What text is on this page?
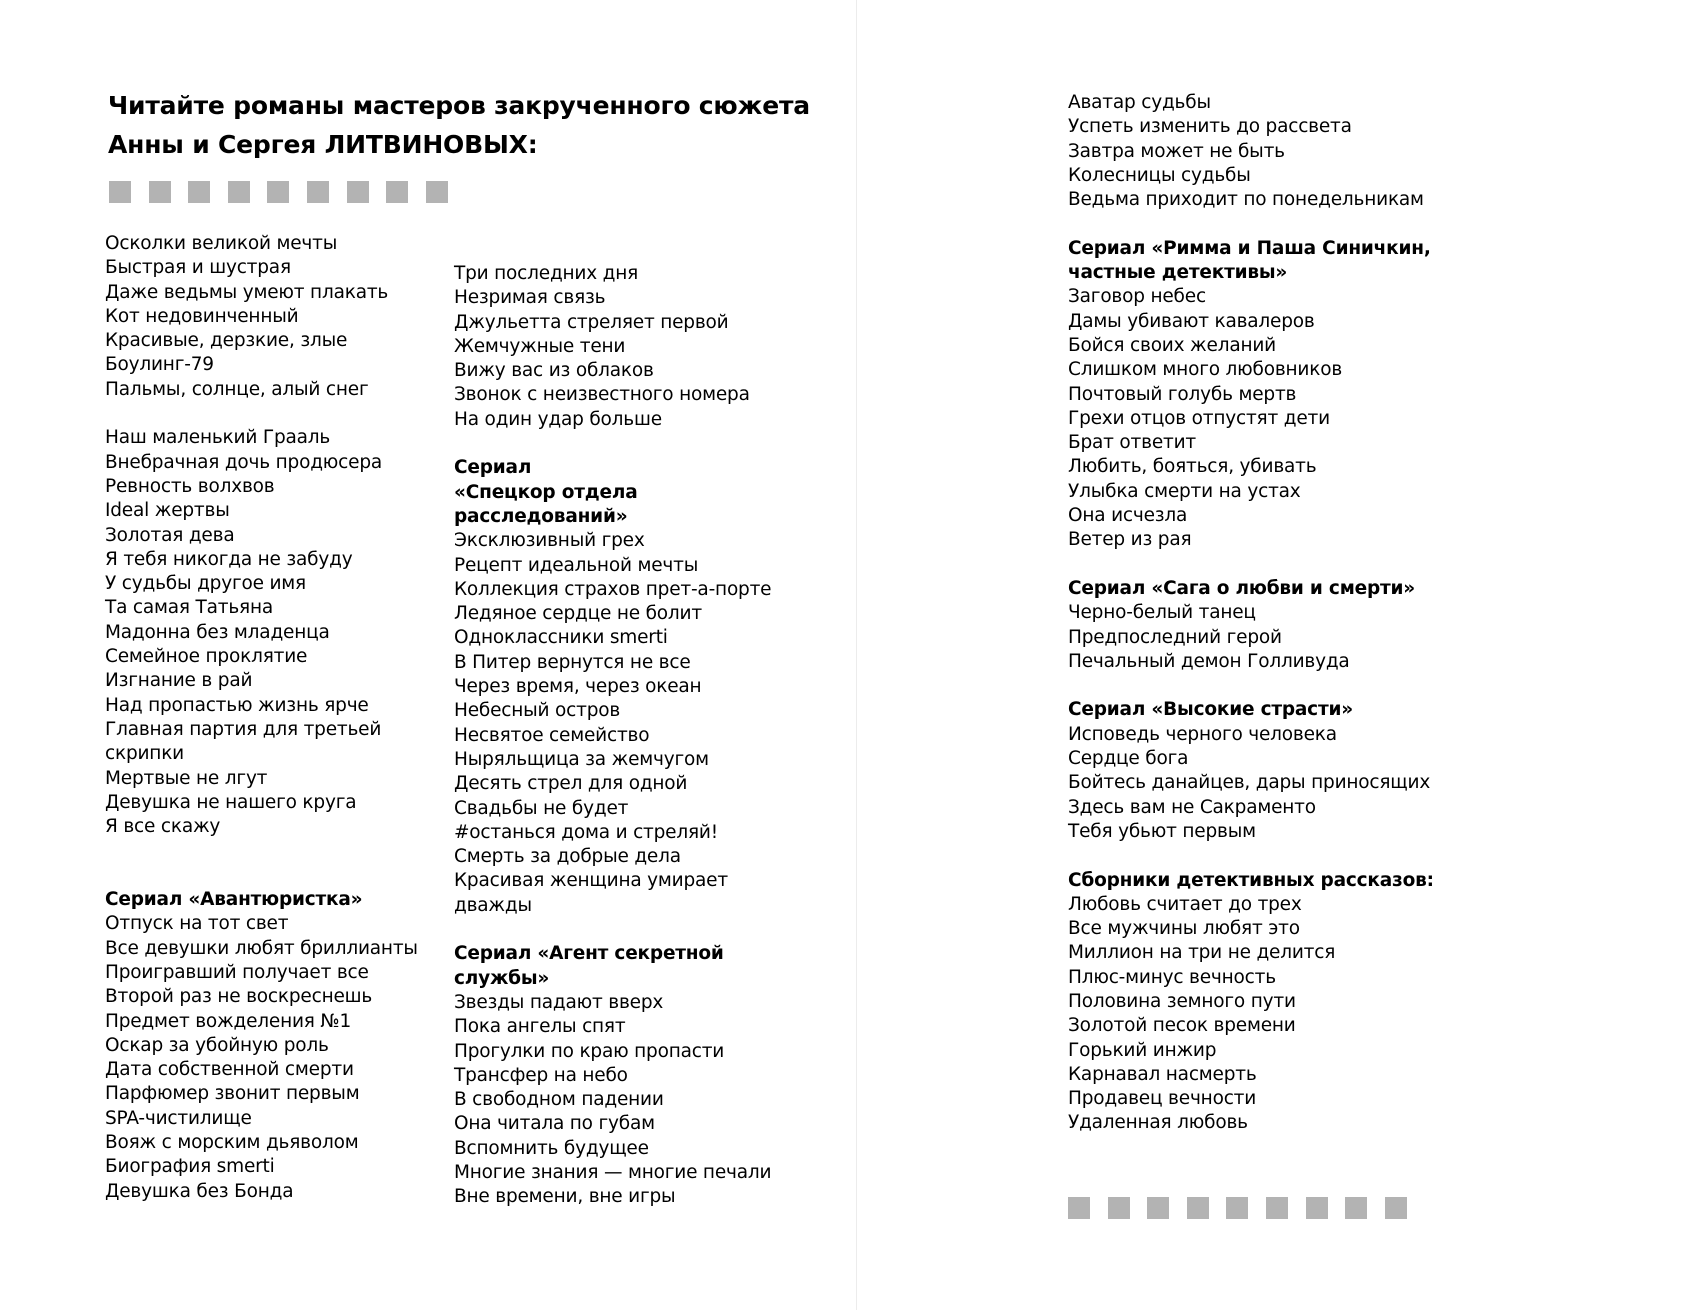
Читайте романы мастеров закрученного сюжета
Анны и Сергея ЛИТВИНОВЫХ:
Осколки великой мечты
Быстрая и шустрая
Даже ведьмы умеют плакать
Кот недовинченный
Красивые, дерзкие, злые
Боулинг-79
Пальмы, солнце, алый снег
Наш маленький Грааль
Внебрачная дочь продюсера
Ревность волхвов
Ideal жертвы
Золотая дева
Я тебя никогда не забуду
У судьбы другое имя
Та самая Татьяна
Мадонна без младенца
Семейное проклятие
Изгнание в рай
Над пропастью жизнь ярче
Главная партия для третьей
скрипки
Мертвые не лгут
Девушка не нашего круга
Я все скажу
Сериал «Авантюристка»
Отпуск на тот свет
Все девушки любят бриллианты
Проигравший получает все
Второй раз не воскреснешь
Предмет вожделения №1
Оскар за убойную роль
Дата собственной смерти
Парфюмер звонит первым
SPA-чистилище
Вояж с морским дьяволом
Биография smerti
Девушка без Бонда
Три последних дня
Незримая связь
Джульетта стреляет первой
Жемчужные тени
Вижу вас из облаков
Звонок с неизвестного номера
На один удар больше
Сериал
«Спецкор отдела
расследований»
Эксклюзивный грех
Рецепт идеальной мечты
Коллекция страхов прет-а-порте
Ледяное сердце не болит
Одноклассники smerti
В Питер вернутся не все
Через время, через океан
Небесный остров
Несвятое семейство
Ныряльщица за жемчугом
Десять стрел для одной
Свадьбы не будет
#останься дома и стреляй!
Смерть за добрые дела
Красивая женщина умирает
дважды
Сериал «Агент секретной
службы»
Звезды падают вверх
Пока ангелы спят
Прогулки по краю пропасти
Трансфер на небо
В свободном падении
Она читала по губам
Вспомнить будущее
Многие знания — многие печали
Вне времени, вне игры
Аватар судьбы
Успеть изменить до рассвета
Завтра может не быть
Колесницы судьбы
Ведьма приходит по понедельникам
Сериал «Римма и Паша Синичкин,
частные детективы»
Заговор небес
Дамы убивают кавалеров
Бойся своих желаний
Слишком много любовников
Почтовый голубь мертв
Грехи отцов отпустят дети
Брат ответит
Любить, бояться, убивать
Улыбка смерти на устах
Она исчезла
Ветер из рая
Сериал «Сага о любви и смерти»
Черно-белый танец
Предпоследний герой
Печальный демон Голливуда
Сериал «Высокие страсти»
Исповедь черного человека
Сердце бога
Бойтесь данайцев, дары приносящих
Здесь вам не Сакраменто
Тебя убьют первым
Сборники детективных рассказов:
Любовь считает до трех
Все мужчины любят это
Миллион на три не делится
Плюс-минус вечность
Половина земного пути
Золотой песок времени
Горький инжир
Карнавал насмерть
Продавец вечности
Удаленная любовь
